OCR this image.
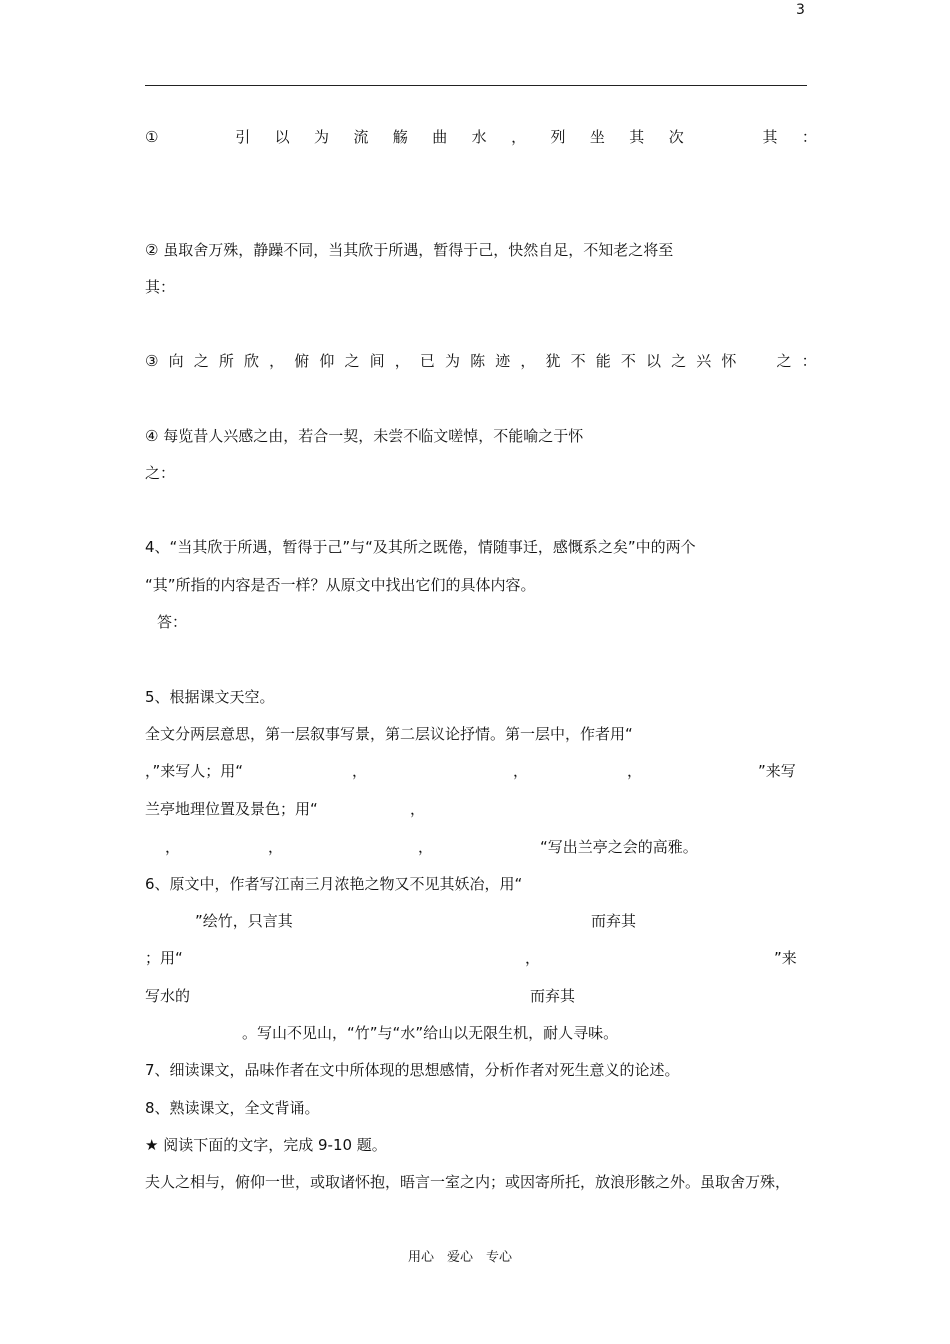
3
①	引 以 为 流 觞 曲 水 ， 列 坐 其 次	其 ：
② 虽取舍万殊，静躁不同，当其欣于所遇，暂得于己，快然自足，不知老之将至
其：
③ 向 之 所 欣 ， 俯 仰 之 间 ， 已 为 陈 迹 ， 犹 不 能 不 以 之 兴 怀	之 ：
④ 每览昔人兴感之由，若合一契，未尝不临文嗟悼，不能喻之于怀
之：
4、“当其欣于所遇，暂得于己”与“及其所之既倦，情随事迁，感慨系之矣”中的两个
“其”所指的内容是否一样？从原文中找出它们的具体内容。
答：
5、根据课文天空。
全文分两层意思，第一层叙事写景，第二层议论抒情。第一层中，作者用“
，”来写人；用“	，	，	，	”来写
兰亭地理位置及景色；用“	，
，	，	，	“写出兰亭之会的高雅。
6、原文中，作者写江南三月浓艳之物又不见其妖冶，用“
”绘竹，只言其	而弃其
；用“	，	”来
写水的	而弃其
。写山不见山，“竹”与“水”给山以无限生机，耐人寻味。
7、细读课文，品味作者在文中所体现的思想感情，分析作者对死生意义的论述。
8、熟读课文，全文背诵。
★ 阅读下面的文字，完成 9-10 题。
夫人之相与，俯仰一世，或取诸怀抱，晤言一室之内；或因寄所托，放浪形骸之外。虽取舍万殊，
用心　爱心　专心
